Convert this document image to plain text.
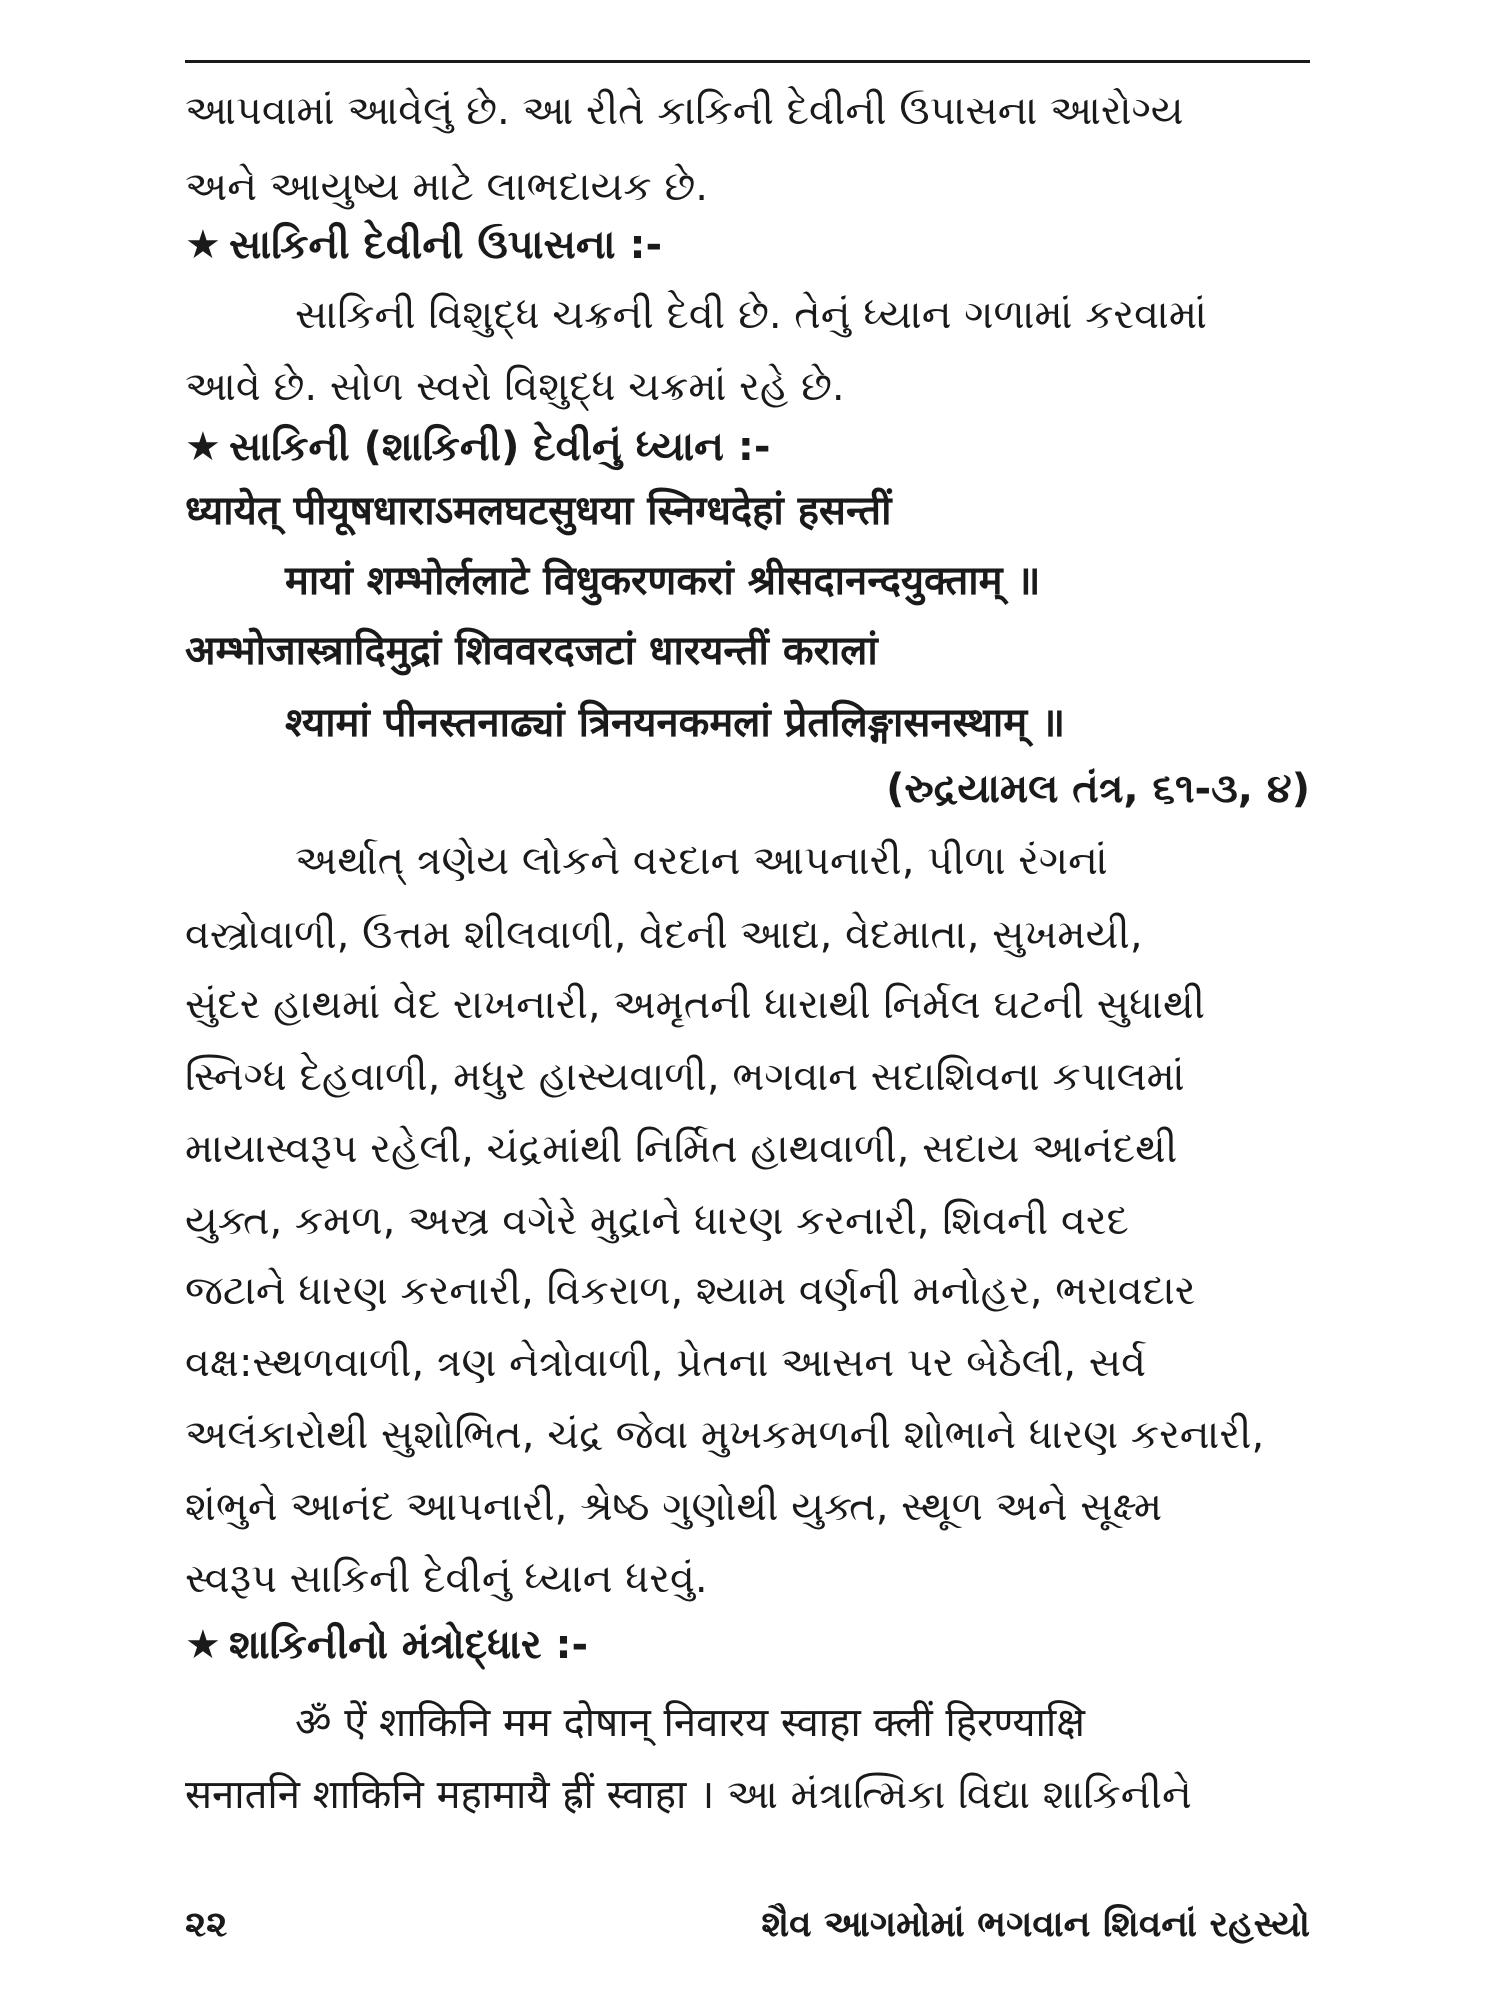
આપવામાં આવેલું છે. આ રીતે કાકિની દેવીની ઉપાસના આરોગ્ય
અને આયુષ્ય માટે લાભદાયક છે.
★ સાકિની દેવીની ઉપાસના :-
સાકિની વિશુદ્ધ ચક્રની દેવી છે. તેનું ધ્યાન ગળામાં કરવામાં
આવે છે. સોળ સ્વરો વિશુદ્ધ ચક્રમાં રહે છે.
★ સાકિની (શાકિની) દેવીનું ધ્યાન :-
ध्यायेत् पीयूषधाराऽमलघटसुधया स्निग्धदेहां हसन्तीं
मायां शम्भोर्ललाटे विधुकरणकरां श्रीसदानन्दयुक्ताम् ॥
अम्भोजास्त्रादिमुद्रां शिववरदजटां धारयन्तीं करालां
श्यामां पीनस्तनाढ्यां त्रिनयनकमलां प्रेतलिङ्गासनस्थाम् ॥
(રુદ્રયામલ તંત્ર, ૬૧-૩, ૪)
અર્થાત્ ત્રણેય લોકને વરદાન આપનારી, પીળા રંગનાં
વસ્ત્રોવાળી, ઉત્તમ શીલવાળી, વેદની આદ્ય, વેદમાતા, સુખમયી,
સુંદર હાથમાં વેદ રાખનારી, અમૃતની ધારાથી નિર્મલ ઘટની સુધાથી
સ્નિગ્ધ દેહવાળી, મધુર હાસ્યવાળી, ભગવાન સદાશિવના કપાલમાં
માયાસ્વરૂપ રહેલી, ચંદ્રમાંથી નિર્મિત હાથવાળી, સદાય આનંદથી
યુક્ત, કમળ, અસ્ત્ર વગેરે મુદ્રાને ધારણ કરનારી, શિવની વરદ
જટાને ધારણ કરનારી, વિકરાળ, શ્યામ વર્ણની મનોહર, ભરાવદાર
વક્ષ:સ્થળવાળી, ત્રણ નેત્રોવાળી, પ્રેતના આસન પર બેઠેલી, સર્વ
અલંકારોથી સુશોભિત, ચંદ્ર જેવા મુખકમળની શોભાને ધારણ કરનારી,
શંભુને આનંદ આપનારી, શ્રેષ્ઠ ગુણોથી યુક્ત, સ્થૂળ અને સૂક્ષ્મ
સ્વરૂપ સાકિની દેવીનું ધ્યાન ધરવું.
★ શાકિનીનો મંત્રોદ્ધાર :-
ॐ ऐं शाकिनि मम दोषान् निवारय स्वाहा क्लीं हिरण्याक्षि
सनातनि शाकिनि महामायै ह्रीं स्वाहा । આ મંત્રાત્મિકા વિદ્યા શાકિનીને
૨૨	શૈવ આગમોમાં ભગવાન શિવનાં રહસ્યો
